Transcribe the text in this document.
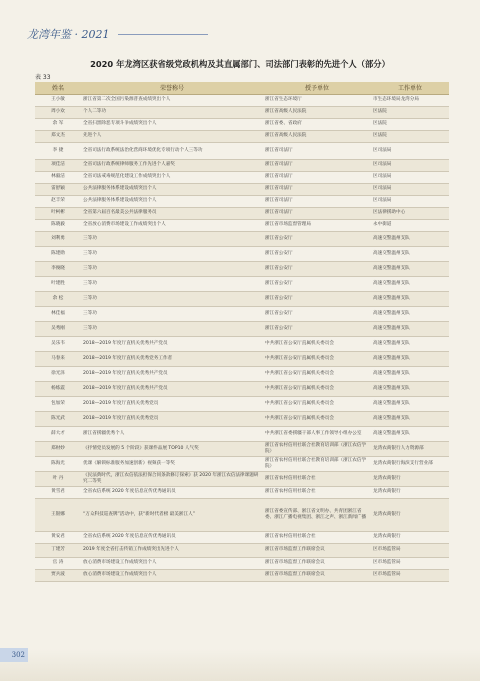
龙湾年鉴 · 2021
2020 年龙湾区获省级党政机构及其直属部门、司法部门表彰的先进个人（部分）
表 33
姓名	荣誉称号	授予单位	工作单位
王小敏	浙江省第二次全国污染源普查成绩突出个人	浙江省生态环境厅	市生态环境局龙湾分局
周小欢	个人二等功	浙江省高级人民法院	区法院
余 军	全省扫黑除恶专项斗争成绩突出个人	浙江省委、省政府	区法院
郑文杰	先进个人	浙江省高级人民法院	区法院
李 捷	全省司法行政系统法治化营商环境优化专项行动个人三等功	浙江省司法厅	区司法局
项佳洁	全省司法行政系统律师服务工作先进个人嘉奖	浙江省司法厅	区司法局
林毅洁	全省司法戒毒规范化建设工作成绩突出个人	浙江省司法厅	区司法局
雷舒颖	公共法律服务体系建设成绩突出个人	浙江省司法厅	区司法局
赵丰荣	公共法律服务体系建设成绩突出个人	浙江省司法厅	区司法局
叶柯彬	全省第六届百名最美公共法律服务员	浙江省司法厅	区法律援助中心
陈晓毅	全省放心消费市场建设工作成绩突出个人	浙江省市场监督管理局	永中街道
刘利勇	三等功	浙江省公安厅	高速交警温州支队
陈建勋	三等功	浙江省公安厅	高速交警温州支队
李俊晓	三等功	浙江省公安厅	高速交警温州支队
叶建胜	三等功	浙江省公安厅	高速交警温州支队
余 松	三等功	浙江省公安厅	高速交警温州支队
林佳福	三等功	浙江省公安厅	高速交警温州支队
吴秀刚	三等功	浙江省公安厅	高速交警温州支队
吴乐韦	2018—2019 年度厅直机关优秀共产党员	中共浙江省公安厅直属机关委员会	高速交警温州支队
马春来	2018—2019 年度厅直机关优秀党务工作者	中共浙江省公安厅直属机关委员会	高速交警温州支队
徐光泽	2018—2019 年度厅直机关优秀共产党员	中共浙江省公安厅直属机关委员会	高速交警温州支队
杨练震	2018—2019 年度厅直机关优秀共产党员	中共浙江省公安厅直属机关委员会	高速交警温州支队
包加荣	2018—2019 年度厅直机关优秀党员	中共浙江省公安厅直属机关委员会	高速交警温州支队
陈光武	2018—2019 年度厅直机关优秀党员	中共浙江省公安厅直属机关委员会	高速交警温州支队
薛大才	浙江省援疆优秀个人	中共浙江省委援疆干部人事工作领导小组办公室	高速交警温州支队
郑财妙	《抒情党员发展的 5 个阶段》获课件品展 TOP10 人气奖	浙江省农村信用社联合社教育培训部（浙江农信学院）	龙湾农商银行人力资源部
陈海光	优课《解锁标准服务加速创新》视频获一等奖	浙江省农村信用社联合社教育培训部（浙江农信学院）	龙湾农商银行海滨支行营业部
叶 丹	《民法典时代，浙江农信依法担保合同条款修订探索》获 2020 年浙江农信法律课题研究二等奖	浙江省农村信用社联合社	龙湾农商银行
黄雪君	全省农信系统 2020 年度信息宣传优秀通讯员	浙江省农村信用社联合社	龙湾农商银行
王银娜	“万众科技巡查牌”活动中，获“新时代者榜 最美浙江人”	浙江省委宣传部、浙江省文明办、共青团浙江省委、浙江广播电视集团、浙江之声、浙江新闻广播	龙湾农商银行
黄安君	全省农信系统 2020 年度信息宣传优秀通讯员	浙江省农村信用社联合社	龙湾农商银行
丁建芳	2019 年度全省打击传销工作成绩突出先进个人	浙江省市场监督工作联席会议	区市场监管局
官 涛	放心消费市场建设工作成绩突出个人	浙江省市场监督工作联席会议	区市场监管局
贾兵波	放心消费市场建设工作成绩突出个人	浙江省市场监督工作联席会议	区市场监管局
302
